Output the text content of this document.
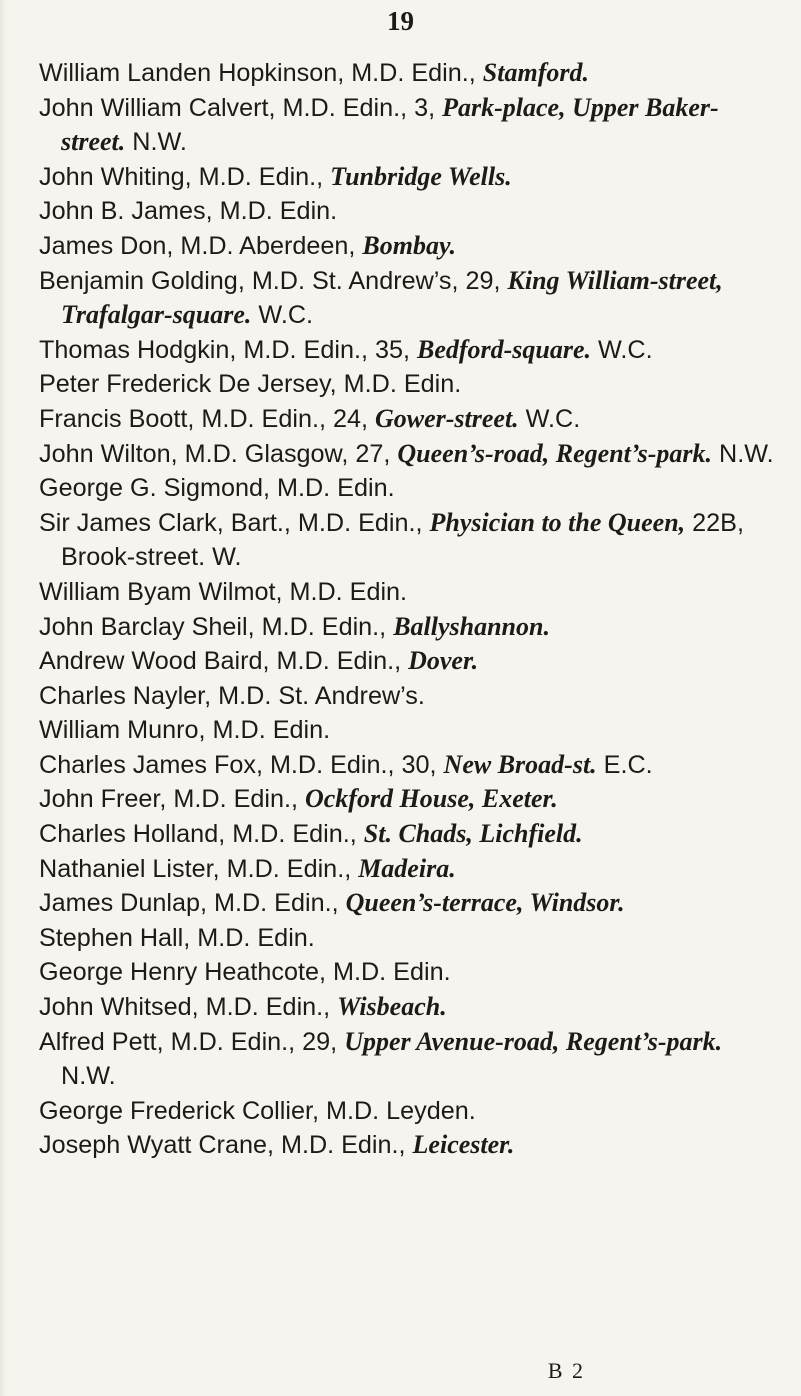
19

William Landen Hopkinson, M.D. Edin., Stamford.

John William Calvert, M.D. Edin., 3, Park-place, Upper Baker-street. N.W.

John Whiting, M.D. Edin., Tunbridge Wells.

John B. James, M.D. Edin.

James Don, M.D. Aberdeen, Bombay.

Benjamin Golding, M.D. St. Andrew’s, 29, King William-street, Trafalgar-square. W.C.

Thomas Hodgkin, M.D. Edin., 35, Bedford-square. W.C.

Peter Frederick De Jersey, M.D. Edin.

Francis Boott, M.D. Edin., 24, Gower-street. W.C.

John Wilton, M.D. Glasgow, 27, Queen’s-road, Regent’s-park. N.W.

George G. Sigmond, M.D. Edin.

Sir James Clark, Bart., M.D. Edin., Physician to the Queen, 22B, Brook-street. W.

William Byam Wilmot, M.D. Edin.

John Barclay Sheil, M.D. Edin., Ballyshannon.

Andrew Wood Baird, M.D. Edin., Dover.

Charles Nayler, M.D. St. Andrew’s.

William Munro, M.D. Edin.

Charles James Fox, M.D. Edin., 30, New Broad-st. E.C.

John Freer, M.D. Edin., Ockford House, Exeter.

Charles Holland, M.D. Edin., St. Chads, Lichfield.

Nathaniel Lister, M.D. Edin., Madeira.

James Dunlap, M.D. Edin., Queen’s-terrace, Windsor.

Stephen Hall, M.D. Edin.

George Henry Heathcote, M.D. Edin.

John Whitsed, M.D. Edin., Wisbeach.

Alfred Pett, M.D. Edin., 29, Upper Avenue-road, Regent’s-park. N.W.

George Frederick Collier, M.D. Leyden.

Joseph Wyatt Crane, M.D. Edin., Leicester.

B 2
